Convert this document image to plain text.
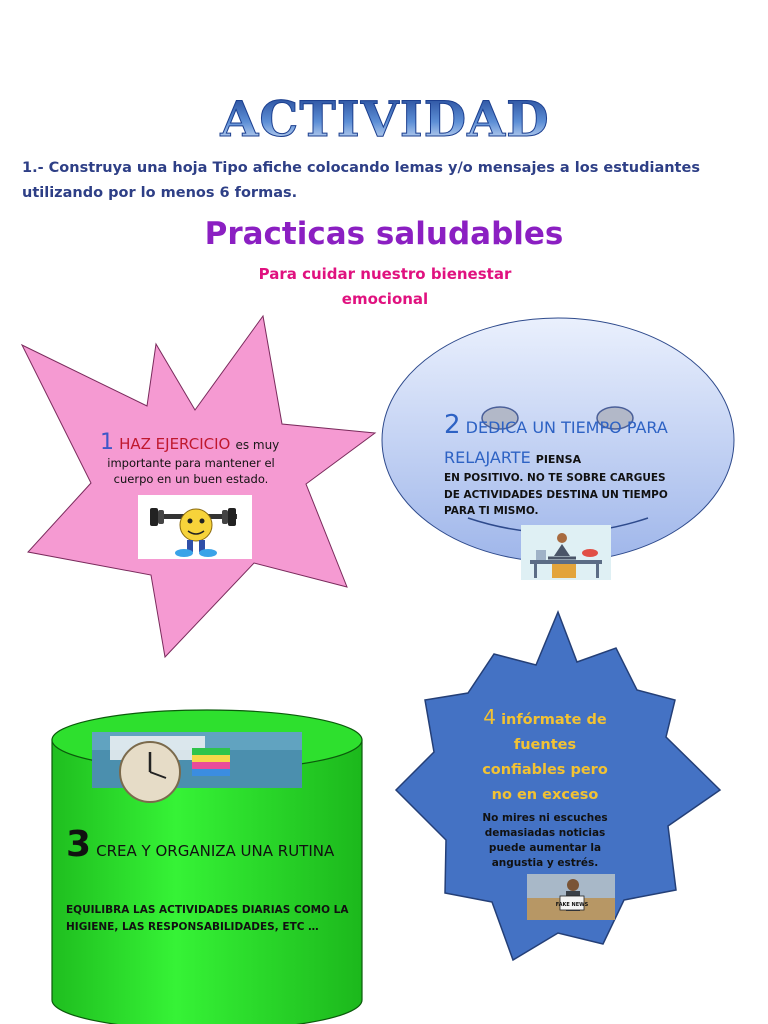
ACTIVIDAD
1.- Construya una hoja Tipo afiche colocando lemas y/o mensajes a los estudiantes utilizando por lo menos 6 formas.
Practicas saludables
Para cuidar nuestro bienestar emocional
FAKE NEWS
1 HAZ EJERCICIO es muy
importante para mantener el cuerpo en un buen estado.
2 DEDICA UN TIEMPO PARA RELAJARTE PIENSA
EN POSITIVO. NO TE SOBRE CARGUES DE ACTIVIDADES DESTINA UN TIEMPO PARA TI MISMO.
3 CREA Y ORGANIZA UNA RUTINA
EQUILIBRA LAS ACTIVIDADES DIARIAS COMO LA HIGIENE, LAS RESPONSABILIDADES, ETC …
4 infórmate de fuentes confiables pero no en exceso
No mires ni escuches demasiadas noticias puede aumentar la angustia y estrés.
